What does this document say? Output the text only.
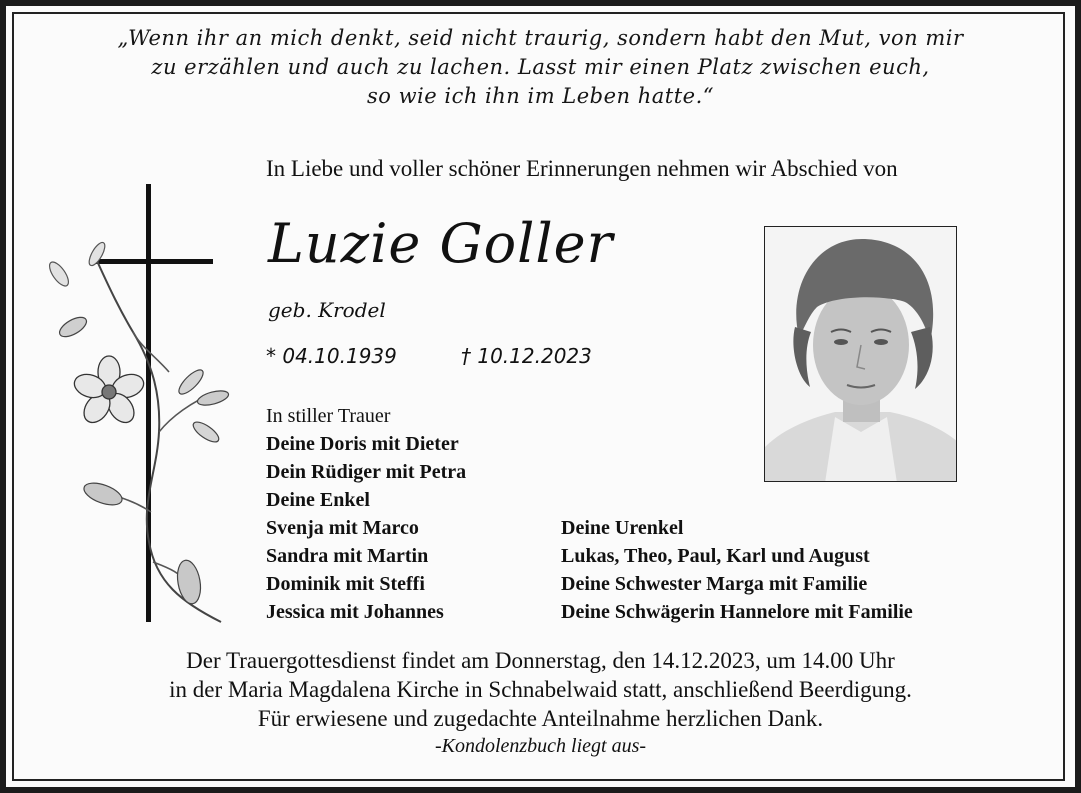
„Wenn ihr an mich denkt, seid nicht traurig, sondern habt den Mut, von mir
zu erzählen und auch zu lachen. Lasst mir einen Platz zwischen euch,
so wie ich ihn im Leben hatte.“
In Liebe und voller schöner Erinnerungen nehmen wir Abschied von
Luzie Goller
geb. Krodel
* 04.10.1939	† 10.12.2023
In stiller Trauer
Deine Doris mit Dieter
Dein Rüdiger mit Petra
Deine Enkel
Svenja mit Marco
Sandra mit Martin
Dominik mit Steffi
Jessica mit Johannes
Deine Urenkel
Lukas, Theo, Paul, Karl und August
Deine Schwester Marga mit Familie
Deine Schwägerin Hannelore mit Familie
Der Trauergottesdienst findet am Donnerstag, den 14.12.2023, um 14.00 Uhr
in der Maria Magdalena Kirche in Schnabelwaid statt, anschließend Beerdigung.
Für erwiesene und zugedachte Anteilnahme herzlichen Dank.
-Kondolenzbuch liegt aus-
